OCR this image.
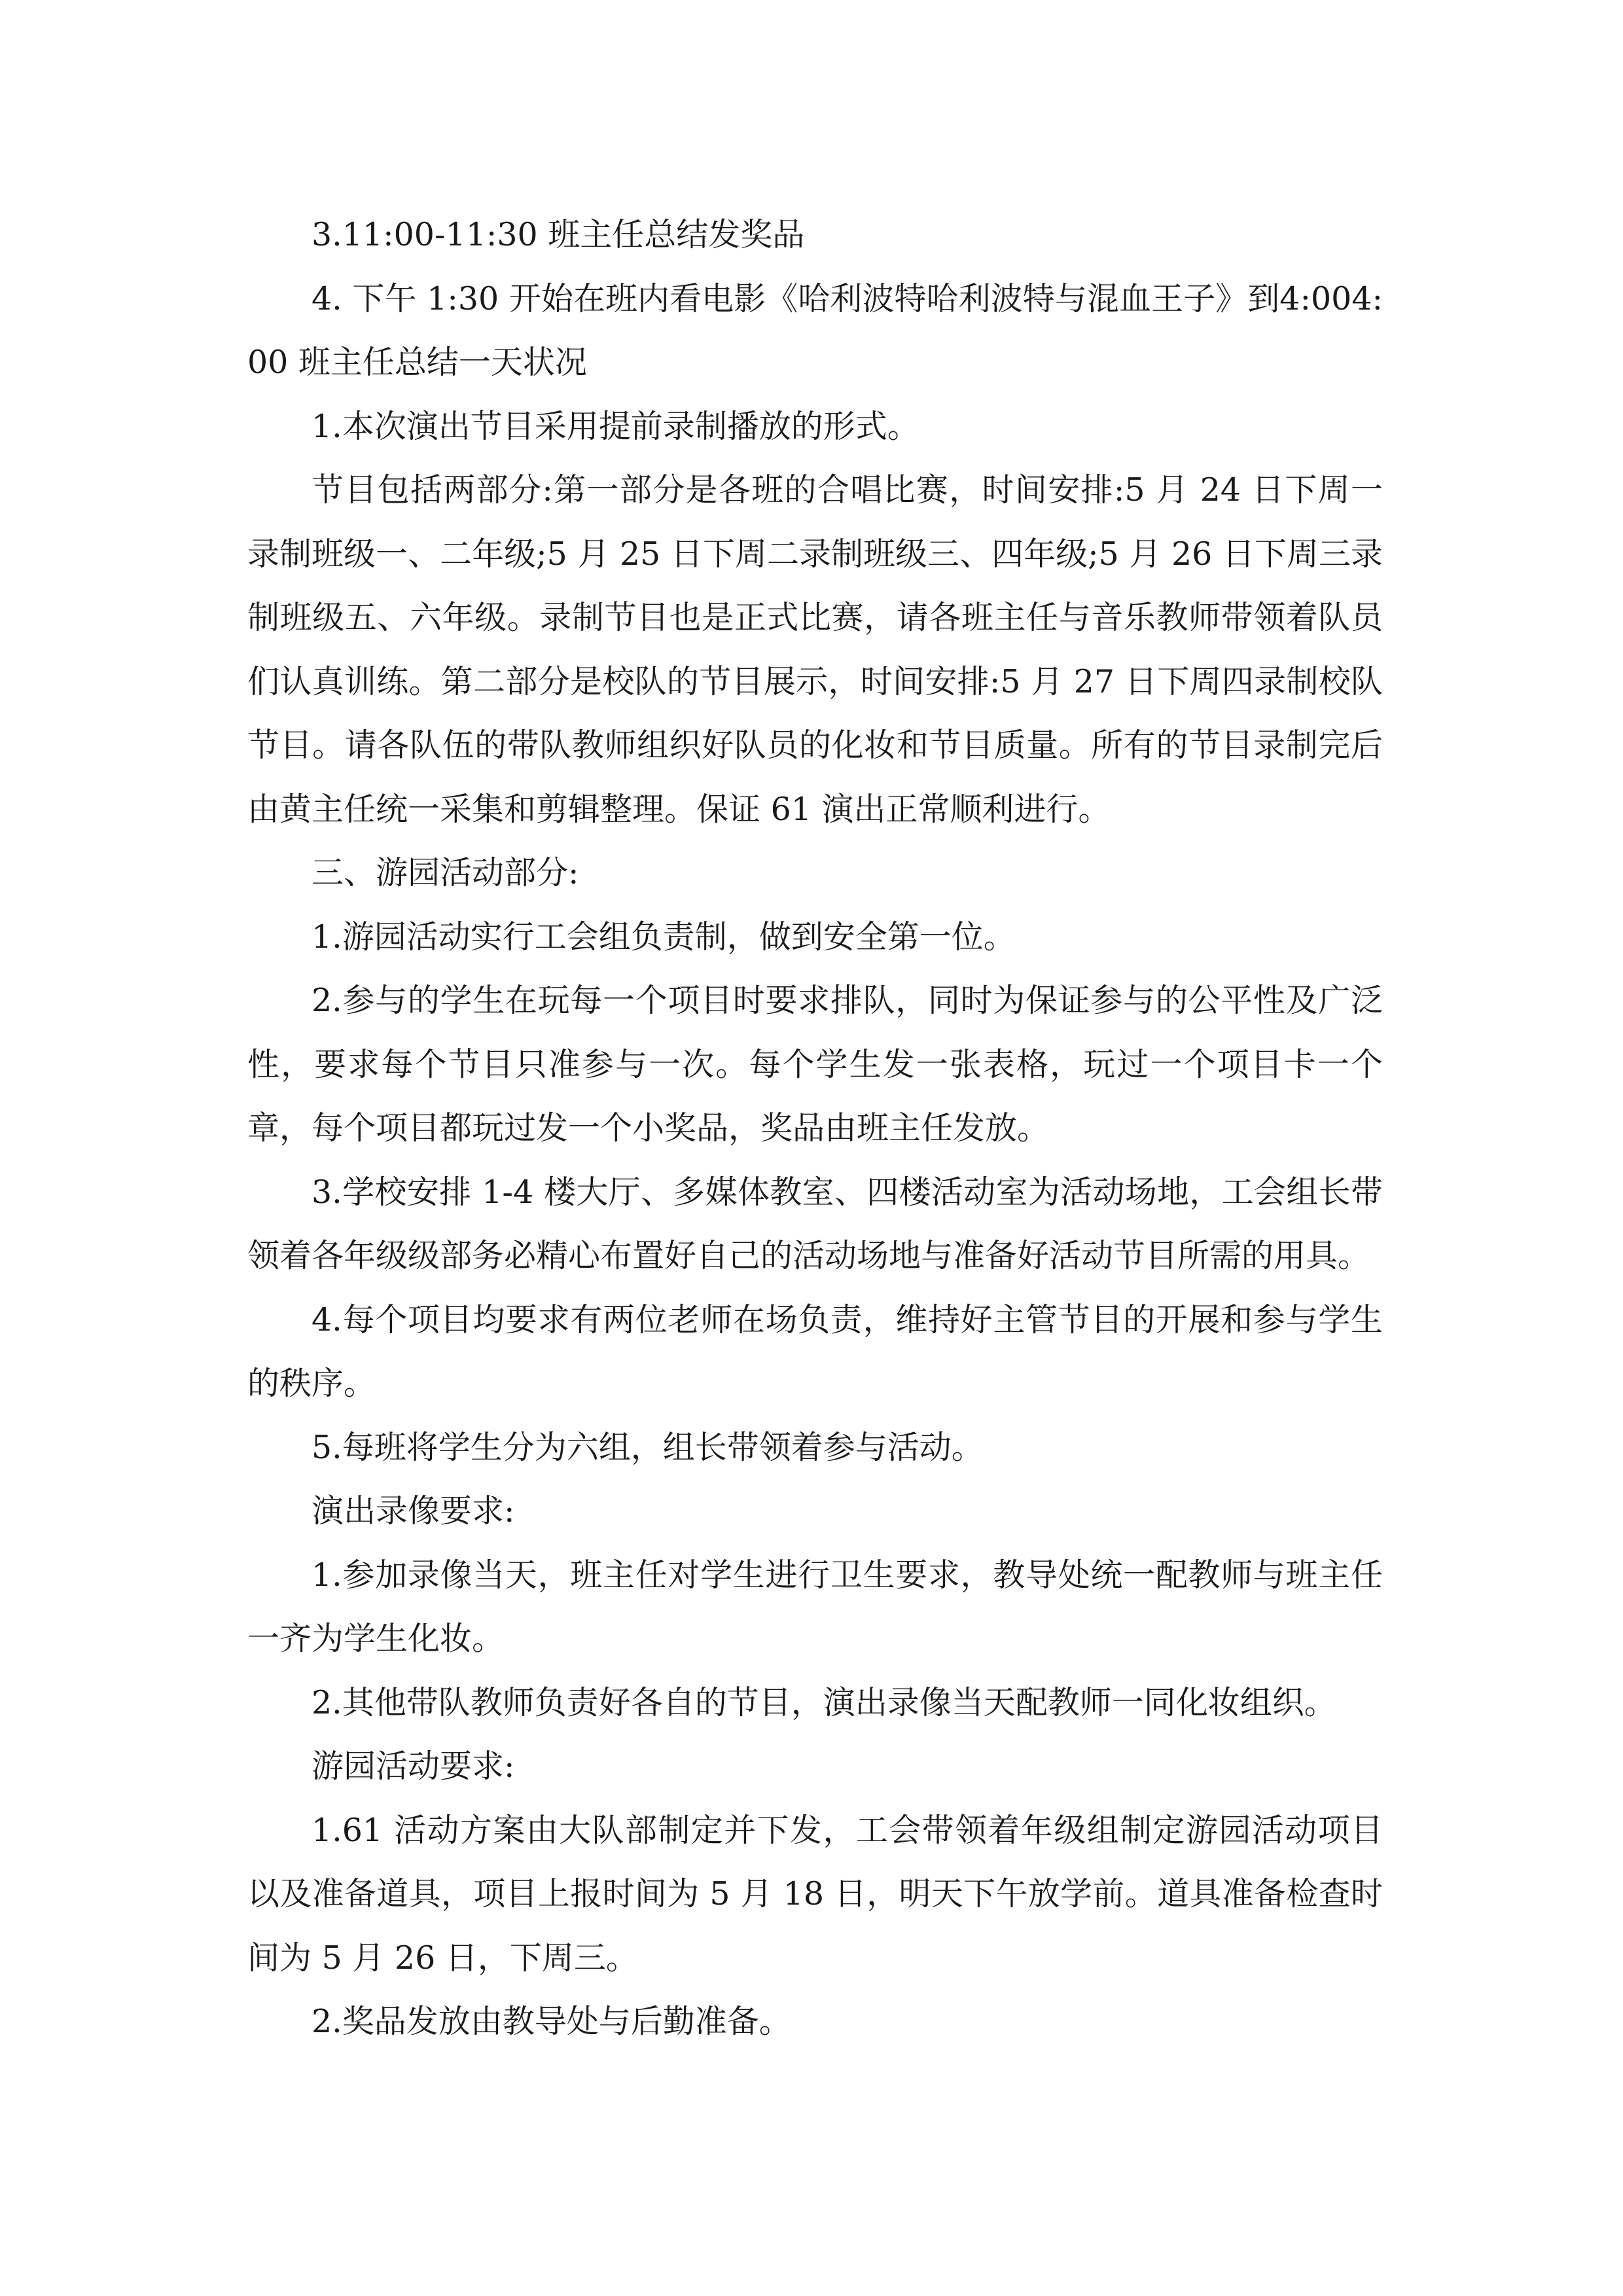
3.11:00-11:30 班主任总结发奖品

4. 下午 1:30 开始在班内看电影《哈利波特哈利波特与混血王子》到4:004:00 班主任总结一天状况

1.本次演出节目采用提前录制播放的形式。

节目包括两部分:第一部分是各班的合唱比赛，时间安排:5 月 24 日下周一录制班级一、二年级;5 月 25 日下周二录制班级三、四年级;5 月 26 日下周三录制班级五、六年级。录制节目也是正式比赛，请各班主任与音乐教师带领着队员们认真训练。第二部分是校队的节目展示，时间安排:5 月 27 日下周四录制校队节目。请各队伍的带队教师组织好队员的化妆和节目质量。所有的节目录制完后由黄主任统一采集和剪辑整理。保证 61 演出正常顺利进行。

三、游园活动部分:

1.游园活动实行工会组负责制，做到安全第一位。

2.参与的学生在玩每一个项目时要求排队，同时为保证参与的公平性及广泛性，要求每个节目只准参与一次。每个学生发一张表格，玩过一个项目卡一个章，每个项目都玩过发一个小奖品，奖品由班主任发放。

3.学校安排 1-4 楼大厅、多媒体教室、四楼活动室为活动场地，工会组长带领着各年级级部务必精心布置好自己的活动场地与准备好活动节目所需的用具。

4.每个项目均要求有两位老师在场负责，维持好主管节目的开展和参与学生的秩序。

5.每班将学生分为六组，组长带领着参与活动。

演出录像要求:

1.参加录像当天，班主任对学生进行卫生要求，教导处统一配教师与班主任一齐为学生化妆。

2.其他带队教师负责好各自的节目，演出录像当天配教师一同化妆组织。

游园活动要求:

1.61 活动方案由大队部制定并下发，工会带领着年级组制定游园活动项目以及准备道具，项目上报时间为 5 月 18 日，明天下午放学前。道具准备检查时间为 5 月 26 日，下周三。

2.奖品发放由教导处与后勤准备。
